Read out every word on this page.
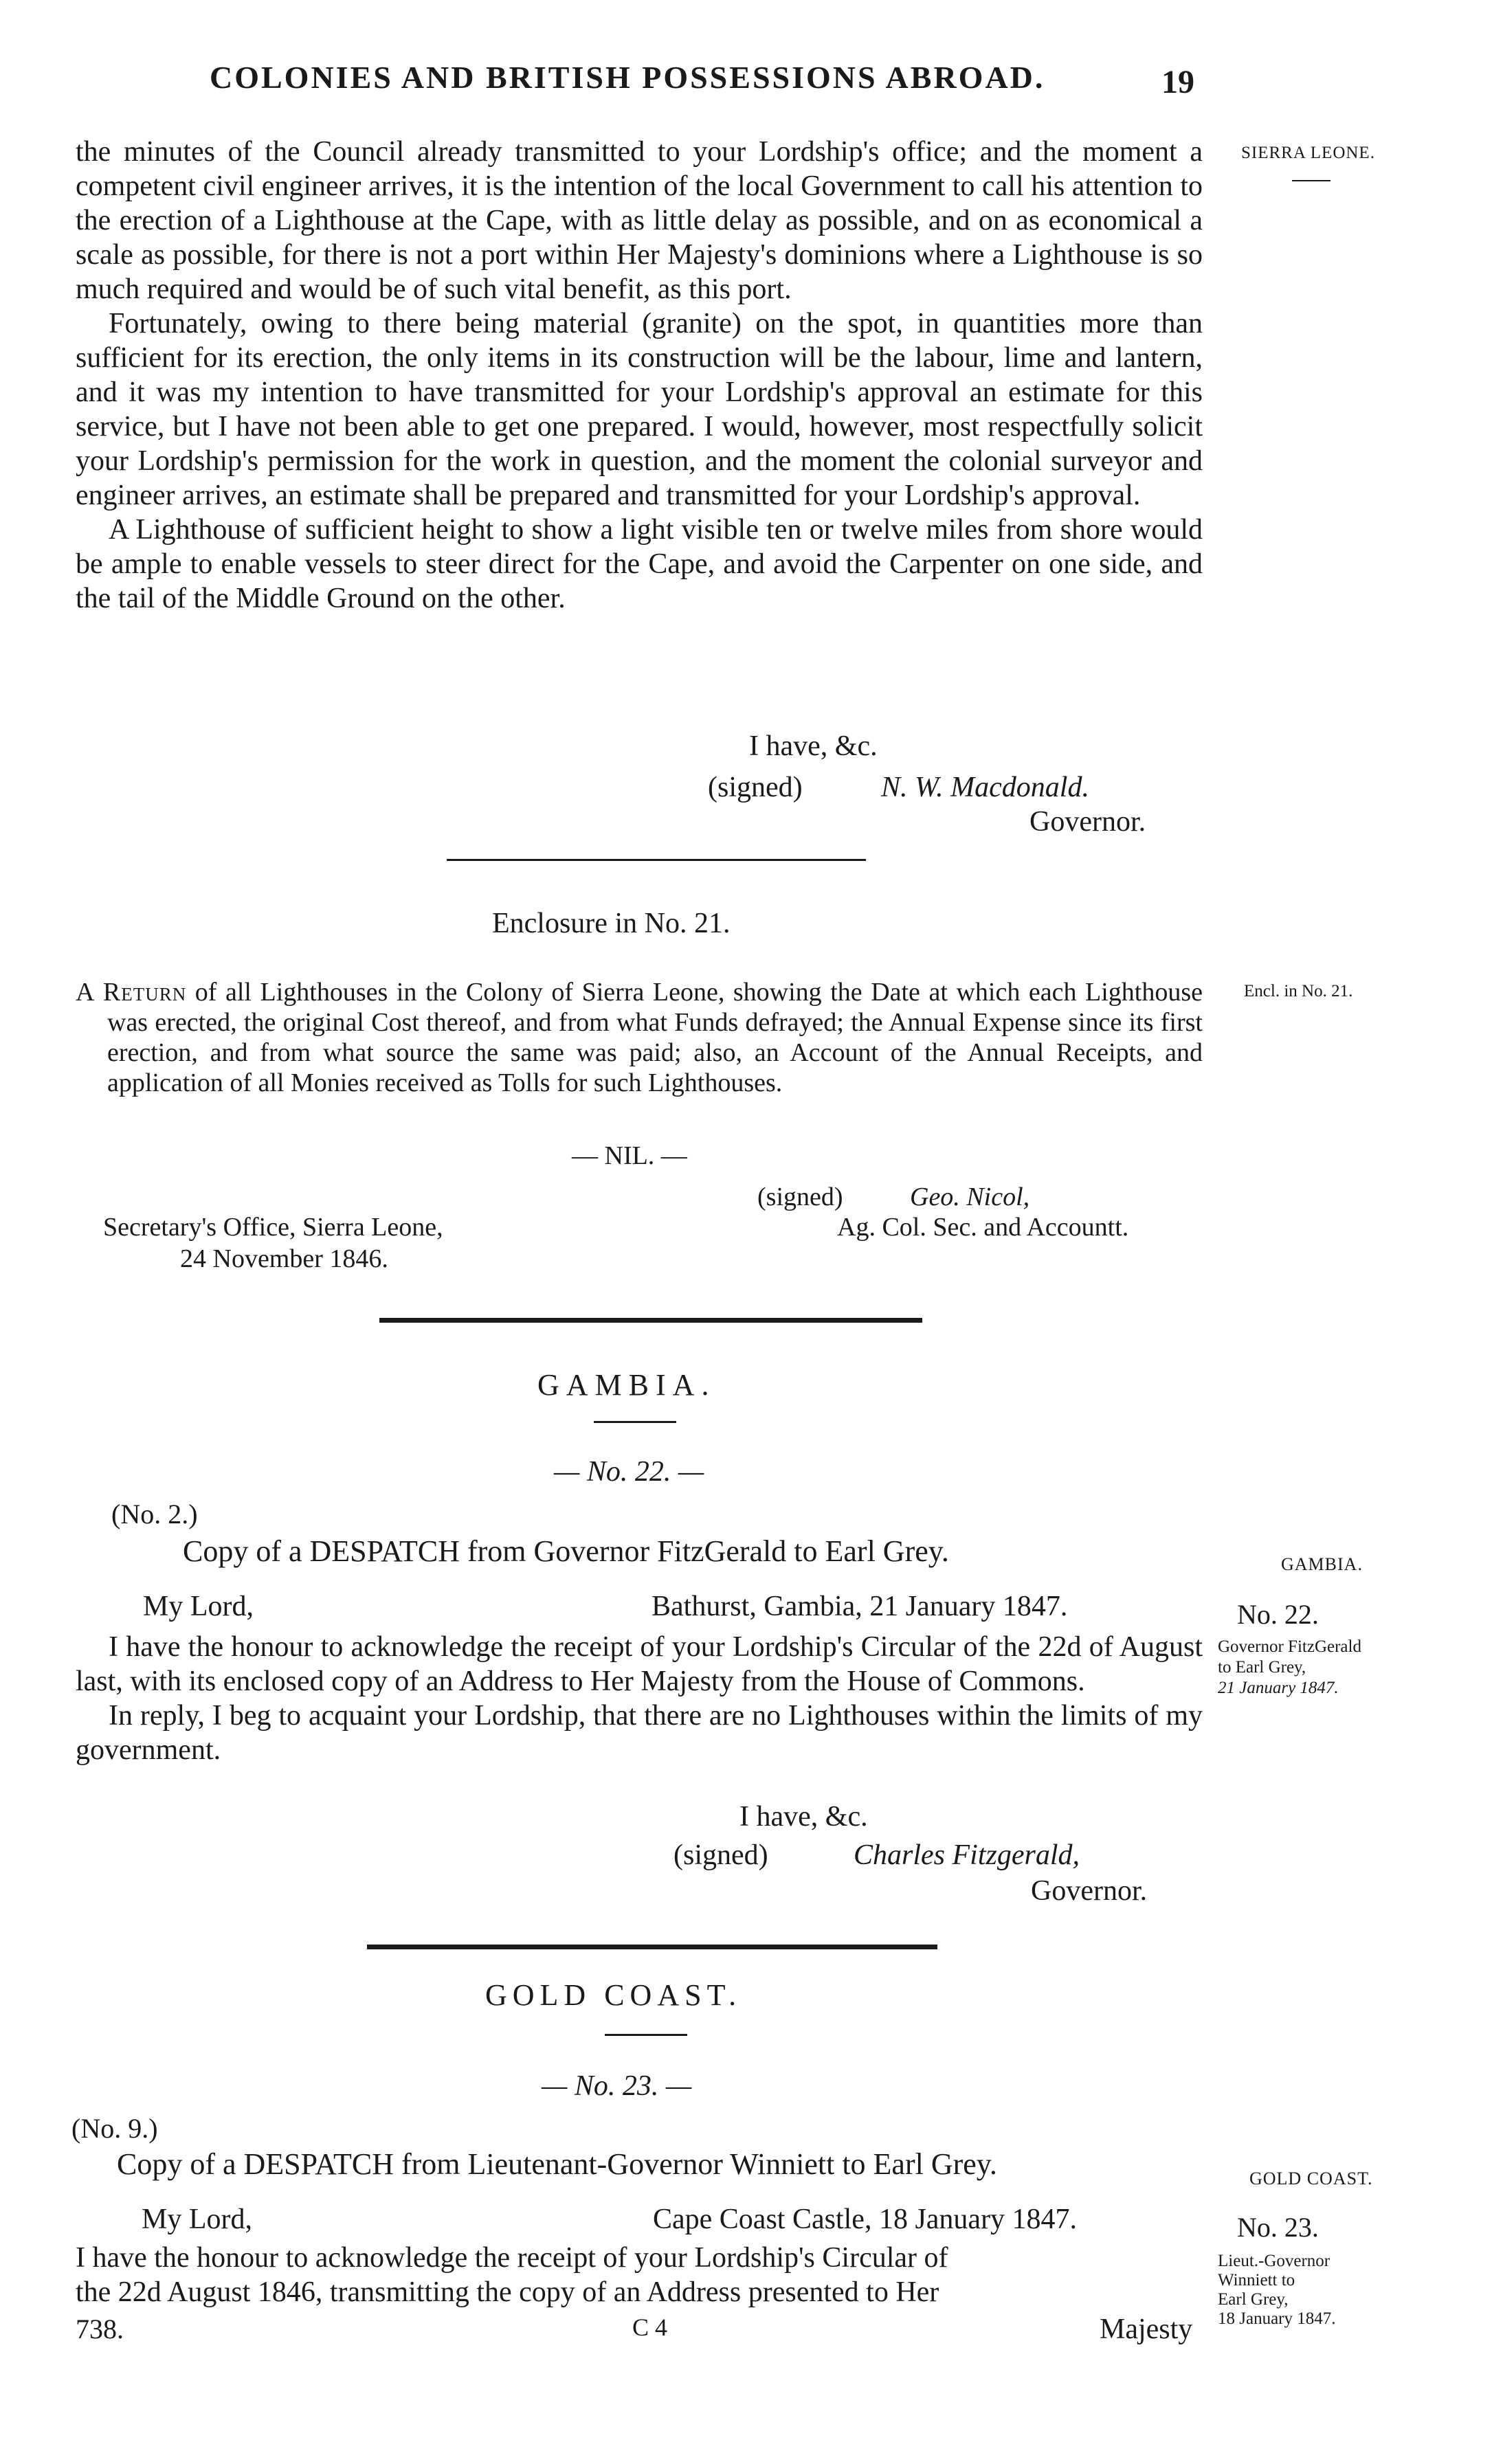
COLONIES AND BRITISH POSSESSIONS ABROAD.	19
SIERRA LEONE.

the minutes of the Council already transmitted to your Lordship's office; and the moment a competent civil engineer arrives, it is the intention of the local Government to call his attention to the erection of a Lighthouse at the Cape, with as little delay as possible, and on as economical a scale as possible, for there is not a port within Her Majesty's dominions where a Lighthouse is so much required and would be of such vital benefit, as this port.

Fortunately, owing to there being material (granite) on the spot, in quantities more than sufficient for its erection, the only items in its construction will be the labour, lime and lantern, and it was my intention to have transmitted for your Lordship's approval an estimate for this service, but I have not been able to get one prepared. I would, however, most respectfully solicit your Lordship's permission for the work in question, and the moment the colonial surveyor and engineer arrives, an estimate shall be prepared and transmitted for your Lordship's approval.

A Lighthouse of sufficient height to show a light visible ten or twelve miles from shore would be ample to enable vessels to steer direct for the Cape, and avoid the Carpenter on one side, and the tail of the Middle Ground on the other.

I have, &c.
(signed)	N. W. Macdonald.
Governor.
Enclosure in No. 21.
Encl. in No. 21.

A Return of all Lighthouses in the Colony of Sierra Leone, showing the Date at which each Lighthouse was erected, the original Cost thereof, and from what Funds defrayed; the Annual Expense since its first erection, and from what source the same was paid; also, an Account of the Annual Receipts, and application of all Monies received as Tolls for such Lighthouses.

— NIL. —
(signed)	Geo. Nicol,
Ag. Col. Sec. and Accountt.
Secretary's Office, Sierra Leone,
24 November 1846.
GAMBIA.
— No. 22. —
(No. 2.)
Copy of a DESPATCH from Governor FitzGerald to Earl Grey.	GAMBIA.
My Lord,	Bathurst, Gambia, 21 January 1847.	No. 22.
Governor FitzGerald
to Earl Grey,
21 January 1847.

I have the honour to acknowledge the receipt of your Lordship's Circular of the 22d of August last, with its enclosed copy of an Address to Her Majesty from the House of Commons.

In reply, I beg to acquaint your Lordship, that there are no Lighthouses within the limits of my government.

I have, &c.
(signed)	Charles Fitzgerald,
Governor.
GOLD COAST.
— No. 23. —
(No. 9.)
Copy of a DESPATCH from Lieutenant-Governor Winniett to Earl Grey.	GOLD COAST.
My Lord,	Cape Coast Castle, 18 January 1847.	No. 23.
Lieut.-Governor
Winniett to
Earl Grey,
18 January 1847.
I have the honour to acknowledge the receipt of your Lordship's Circular of
the 22d August 1846, transmitting the copy of an Address presented to Her
738.	C 4	Majesty
